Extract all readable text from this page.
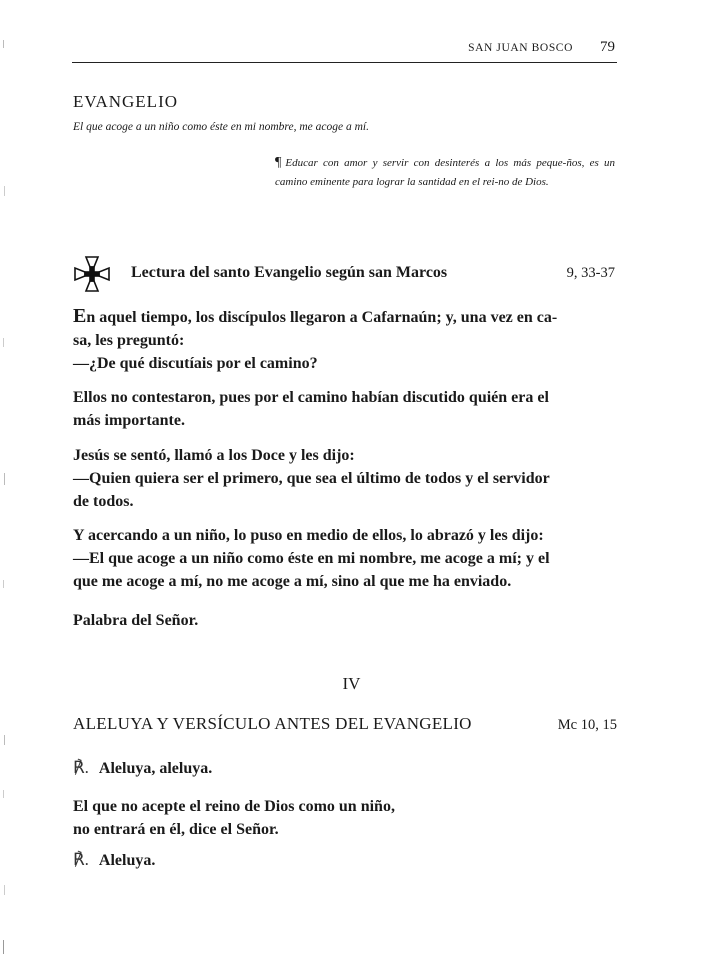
SAN JUAN BOSCO 79
EVANGELIO
El que acoge a un niño como éste en mi nombre, me acoge a mí.
¶ Educar con amor y servir con desinterés a los más peque-ños, es un camino eminente para lograr la santidad en el rei-no de Dios.
Lectura del santo Evangelio según san Marcos	9, 33-37
En aquel tiempo, los discípulos llegaron a Cafarnaún; y, una vez en ca-
sa, les preguntó:
—¿De qué discutíais por el camino?
Ellos no contestaron, pues por el camino habían discutido quién era el
más importante.
Jesús se sentó, llamó a los Doce y les dijo:
—Quien quiera ser el primero, que sea el último de todos y el servidor
de todos.
Y acercando a un niño, lo puso en medio de ellos, lo abrazó y les dijo:
—El que acoge a un niño como éste en mi nombre, me acoge a mí; y el
que me acoge a mí, no me acoge a mí, sino al que me ha enviado.
Palabra del Señor.
IV
ALELUYA Y VERSÍCULO ANTES DEL EVANGELIO	Mc 10, 15
℟. Aleluya, aleluya.
El que no acepte el reino de Dios como un niño,
no entrará en él, dice el Señor.
℟. Aleluya.
